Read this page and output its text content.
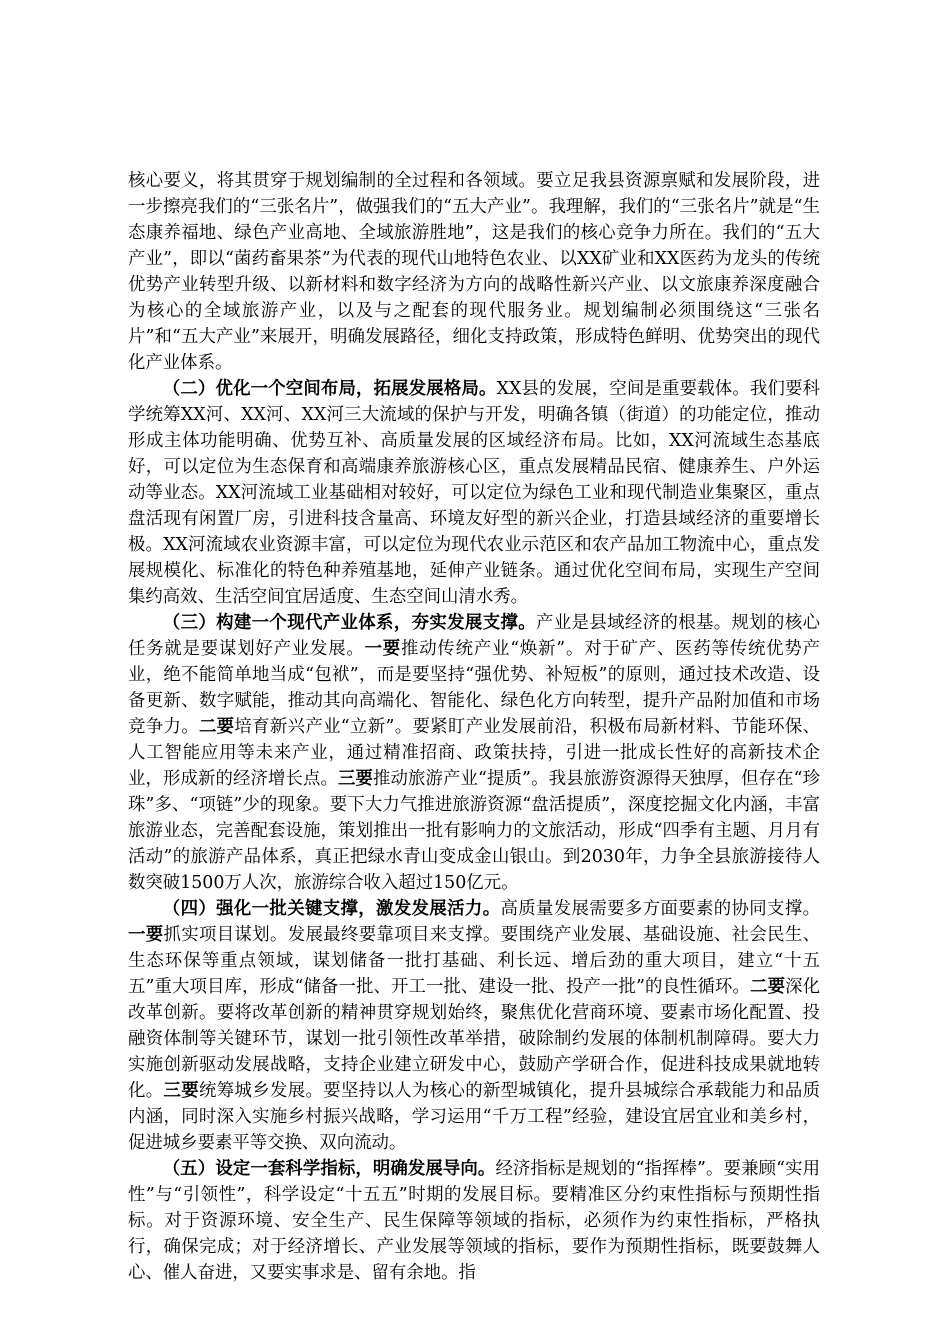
核心要义，将其贯穿于规划编制的全过程和各领域。要立足我县资源禀赋和发展阶段，进一步擦亮我们的“三张名片”，做强我们的“五大产业”。我理解，我们的“三张名片”就是“生态康养福地、绿色产业高地、全域旅游胜地”，这是我们的核心竞争力所在。我们的“五大产业”，即以“菌药畜果茶”为代表的现代山地特色农业、以XX矿业和XX医药为龙头的传统优势产业转型升级、以新材料和数字经济为方向的战略性新兴产业、以文旅康养深度融合为核心的全域旅游产业，以及与之配套的现代服务业。规划编制必须围绕这“三张名片”和“五大产业”来展开，明确发展路径，细化支持政策，形成特色鲜明、优势突出的现代化产业体系。

（二）优化一个空间布局，拓展发展格局。XX县的发展，空间是重要载体。我们要科学统筹XX河、XX河、XX河三大流域的保护与开发，明确各镇（街道）的功能定位，推动形成主体功能明确、优势互补、高质量发展的区域经济布局。比如，XX河流域生态基底好，可以定位为生态保育和高端康养旅游核心区，重点发展精品民宿、健康养生、户外运动等业态。XX河流域工业基础相对较好，可以定位为绿色工业和现代制造业集聚区，重点盘活现有闲置厂房，引进科技含量高、环境友好型的新兴企业，打造县域经济的重要增长极。XX河流域农业资源丰富，可以定位为现代农业示范区和农产品加工物流中心，重点发展规模化、标准化的特色种养殖基地，延伸产业链条。通过优化空间布局，实现生产空间集约高效、生活空间宜居适度、生态空间山清水秀。

（三）构建一个现代产业体系，夯实发展支撑。产业是县域经济的根基。规划的核心任务就是要谋划好产业发展。一要推动传统产业“焕新”。对于矿产、医药等传统优势产业，绝不能简单地当成“包袱”，而是要坚持“强优势、补短板”的原则，通过技术改造、设备更新、数字赋能，推动其向高端化、智能化、绿色化方向转型，提升产品附加值和市场竞争力。二要培育新兴产业“立新”。要紧盯产业发展前沿，积极布局新材料、节能环保、人工智能应用等未来产业，通过精准招商、政策扶持，引进一批成长性好的高新技术企业，形成新的经济增长点。三要推动旅游产业“提质”。我县旅游资源得天独厚，但存在“珍珠”多、“项链”少的现象。要下大力气推进旅游资源“盘活提质”，深度挖掘文化内涵，丰富旅游业态，完善配套设施，策划推出一批有影响力的文旅活动，形成“四季有主题、月月有活动”的旅游产品体系，真正把绿水青山变成金山银山。到2030年，力争全县旅游接待人数突破1500万人次，旅游综合收入超过150亿元。

（四）强化一批关键支撑，激发发展活力。高质量发展需要多方面要素的协同支撑。一要抓实项目谋划。发展最终要靠项目来支撑。要围绕产业发展、基础设施、社会民生、生态环保等重点领域，谋划储备一批打基础、利长远、增后劲的重大项目，建立“十五五”重大项目库，形成“储备一批、开工一批、建设一批、投产一批”的良性循环。二要深化改革创新。要将改革创新的精神贯穿规划始终，聚焦优化营商环境、要素市场化配置、投融资体制等关键环节，谋划一批引领性改革举措，破除制约发展的体制机制障碍。要大力实施创新驱动发展战略，支持企业建立研发中心，鼓励产学研合作，促进科技成果就地转化。三要统筹城乡发展。要坚持以人为核心的新型城镇化，提升县城综合承载能力和品质内涵，同时深入实施乡村振兴战略，学习运用“千万工程”经验，建设宜居宜业和美乡村，促进城乡要素平等交换、双向流动。

（五）设定一套科学指标，明确发展导向。经济指标是规划的“指挥棒”。要兼顾“实用性”与“引领性”，科学设定“十五五”时期的发展目标。要精准区分约束性指标与预期性指标。对于资源环境、安全生产、民生保障等领域的指标，必须作为约束性指标，严格执行，确保完成；对于经济增长、产业发展等领域的指标，要作为预期性指标，既要鼓舞人心、催人奋进，又要实事求是、留有余地。指
